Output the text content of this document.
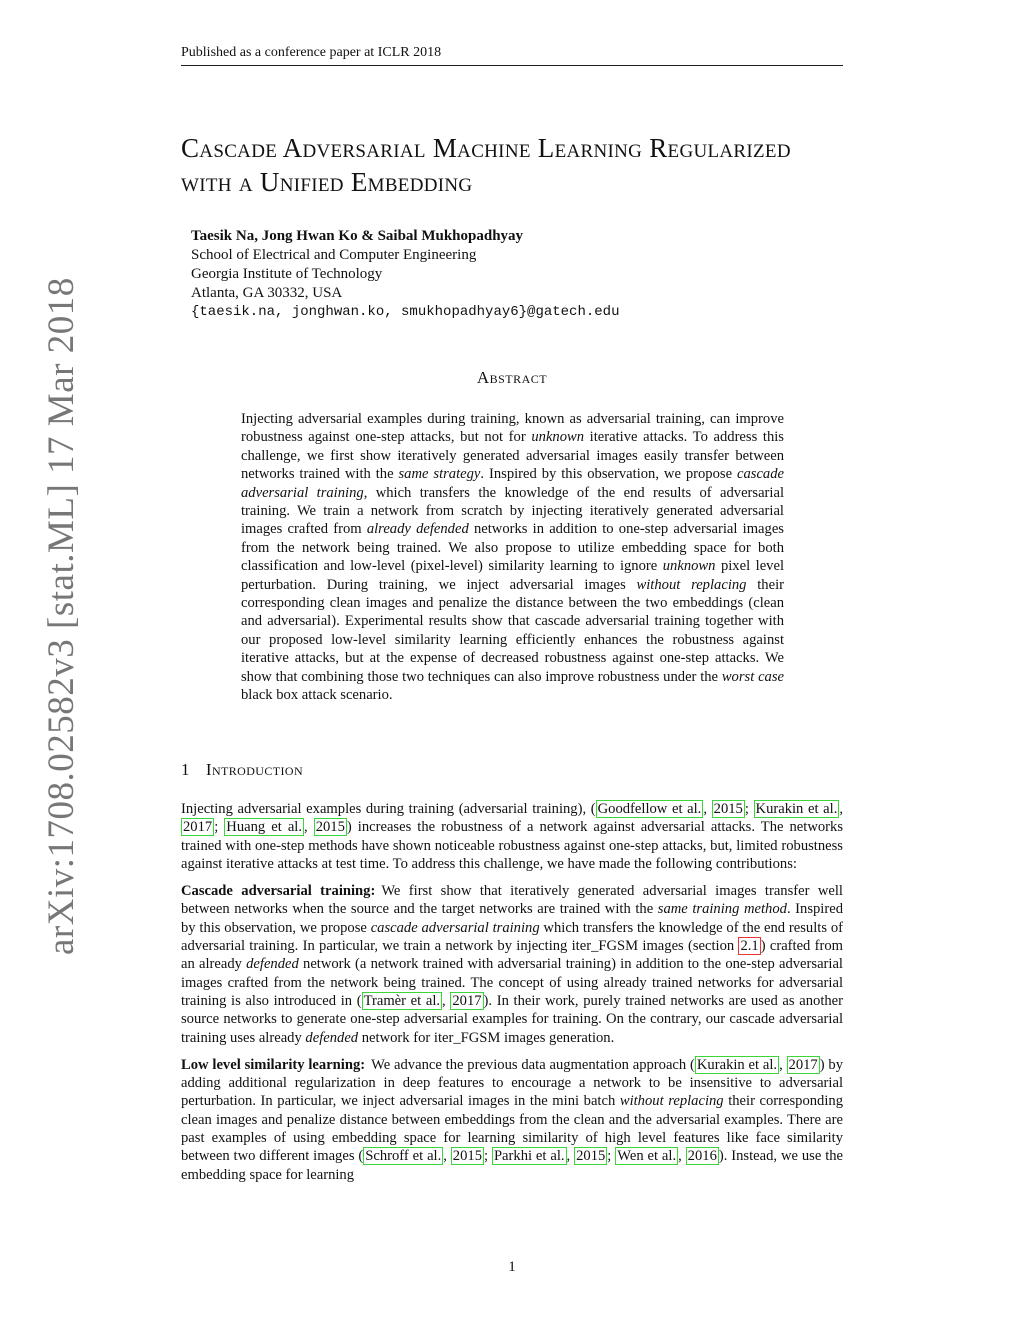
Published as a conference paper at ICLR 2018
arXiv:1708.02582v3 [stat.ML] 17 Mar 2018
Cascade Adversarial Machine Learning Regularized with a Unified Embedding
Taesik Na, Jong Hwan Ko & Saibal Mukhopadhyay
School of Electrical and Computer Engineering
Georgia Institute of Technology
Atlanta, GA 30332, USA
{taesik.na, jonghwan.ko, smukhopadhyay6}@gatech.edu
Abstract
Injecting adversarial examples during training, known as adversarial training, can improve robustness against one-step attacks, but not for unknown iterative attacks. To address this challenge, we first show iteratively generated adversarial images easily transfer between networks trained with the same strategy. Inspired by this observation, we propose cascade adversarial training, which transfers the knowledge of the end results of adversarial training. We train a network from scratch by injecting iteratively generated adversarial images crafted from already defended networks in addition to one-step adversarial images from the network being trained. We also propose to utilize embedding space for both classification and low-level (pixel-level) similarity learning to ignore unknown pixel level perturbation. During training, we inject adversarial images without replacing their corresponding clean images and penalize the distance between the two embeddings (clean and adversarial). Experimental results show that cascade adversarial training together with our proposed low-level similarity learning efficiently enhances the robustness against iterative attacks, but at the expense of decreased robustness against one-step attacks. We show that combining those two techniques can also improve robustness under the worst case black box attack scenario.
1 Introduction

Injecting adversarial examples during training (adversarial training), ( Goodfellow et al. , 2015 ; Kurakin et al. , 2017 ; Huang et al. , 2015 ) increases the robustness of a network against adversarial attacks. The networks trained with one-step methods have shown noticeable robustness against one-step attacks, but, limited robustness against iterative attacks at test time. To address this challenge, we have made the following contributions:

Cascade adversarial training: We first show that iteratively generated adversarial images transfer well between networks when the source and the target networks are trained with the same training method. Inspired by this observation, we propose cascade adversarial training which transfers the knowledge of the end results of adversarial training. In particular, we train a network by injecting iter_FGSM images (section 2.1 ) crafted from an already defended network (a network trained with adversarial training) in addition to the one-step adversarial images crafted from the network being trained. The concept of using already trained networks for adversarial training is also introduced in ( Tramèr et al. , 2017 ). In their work, purely trained networks are used as another source networks to generate one-step adversarial examples for training. On the contrary, our cascade adversarial training uses already defended network for iter_FGSM images generation.

Low level similarity learning: We advance the previous data augmentation approach ( Kurakin et al. , 2017 ) by adding additional regularization in deep features to encourage a network to be insensitive to adversarial perturbation. In particular, we inject adversarial images in the mini batch without replacing their corresponding clean images and penalize distance between embeddings from the clean and the adversarial examples. There are past examples of using embedding space for learning similarity of high level features like face similarity between two different images ( Schroff et al. , 2015 ; Parkhi et al. , 2015 ; Wen et al. , 2016 ). Instead, we use the embedding space for learning

1
